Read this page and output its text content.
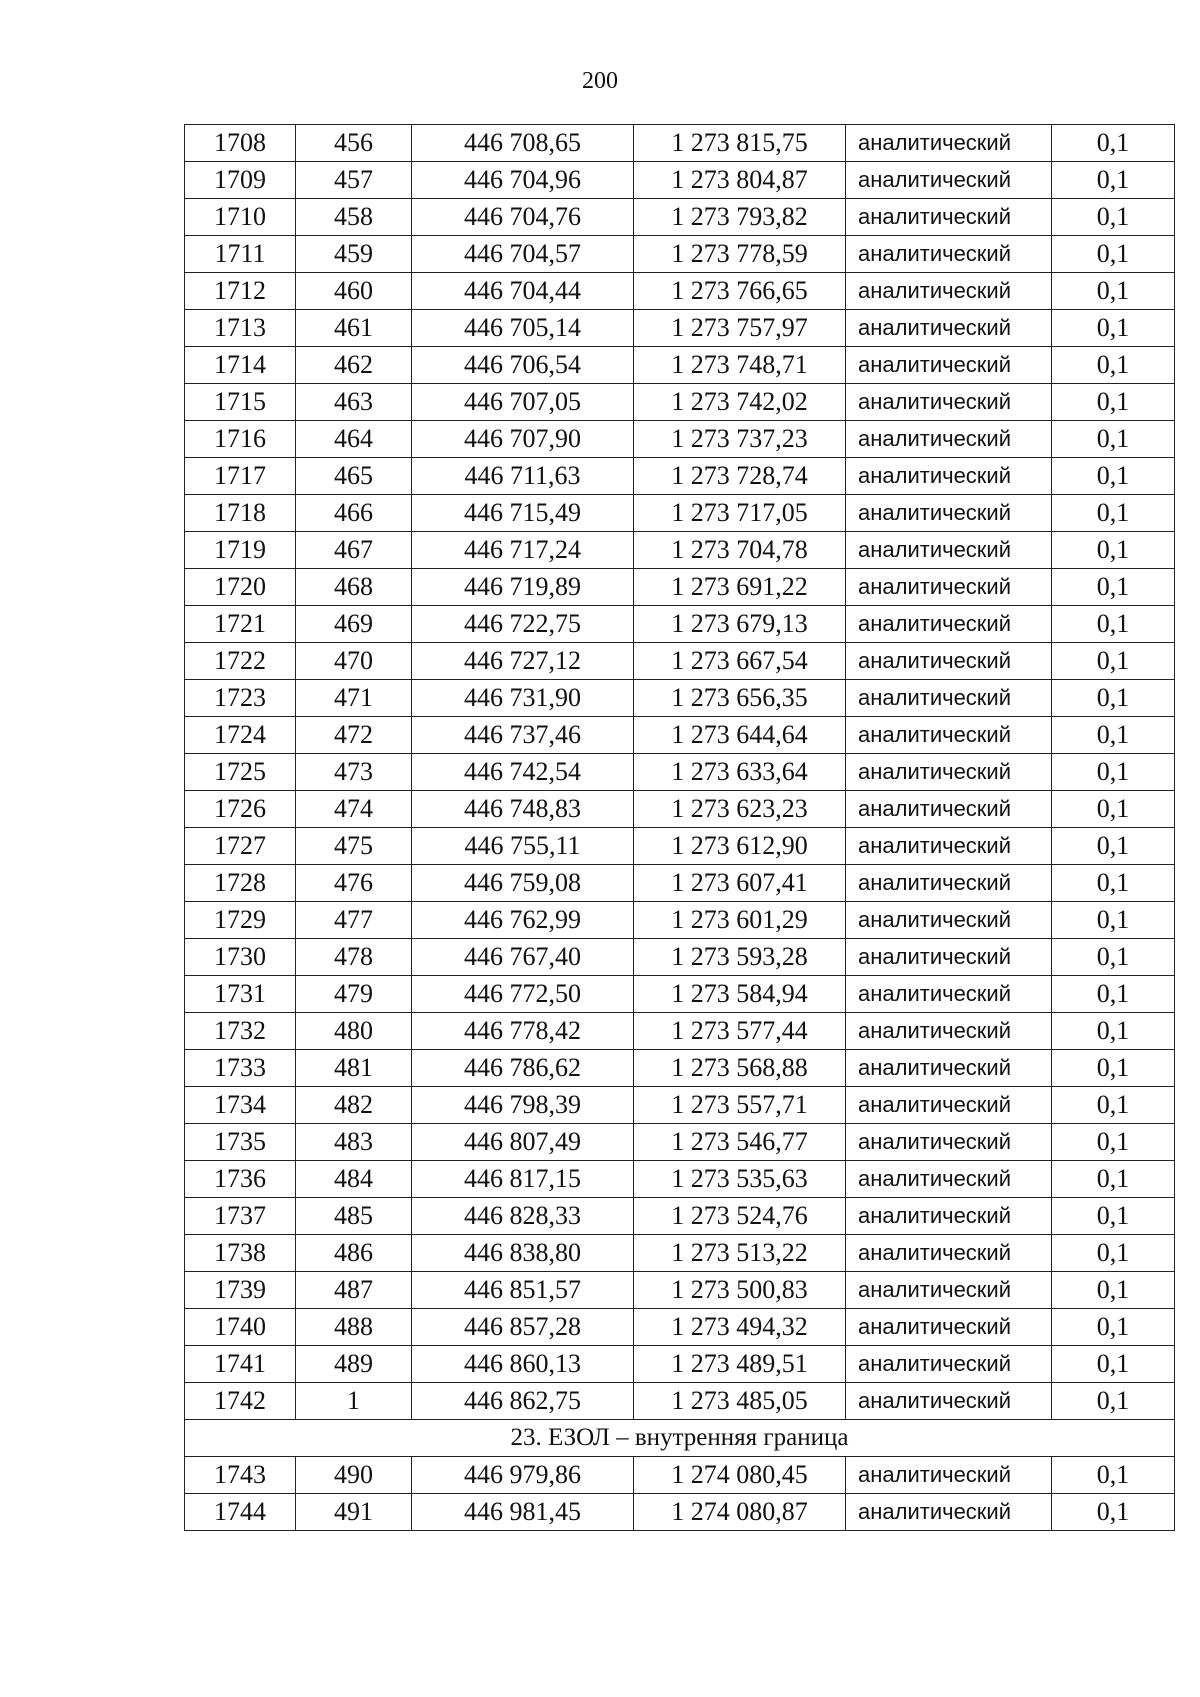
200
1708	456	446 708,65	1 273 815,75	аналитический	0,1
1709	457	446 704,96	1 273 804,87	аналитический	0,1
1710	458	446 704,76	1 273 793,82	аналитический	0,1
1711	459	446 704,57	1 273 778,59	аналитический	0,1
1712	460	446 704,44	1 273 766,65	аналитический	0,1
1713	461	446 705,14	1 273 757,97	аналитический	0,1
1714	462	446 706,54	1 273 748,71	аналитический	0,1
1715	463	446 707,05	1 273 742,02	аналитический	0,1
1716	464	446 707,90	1 273 737,23	аналитический	0,1
1717	465	446 711,63	1 273 728,74	аналитический	0,1
1718	466	446 715,49	1 273 717,05	аналитический	0,1
1719	467	446 717,24	1 273 704,78	аналитический	0,1
1720	468	446 719,89	1 273 691,22	аналитический	0,1
1721	469	446 722,75	1 273 679,13	аналитический	0,1
1722	470	446 727,12	1 273 667,54	аналитический	0,1
1723	471	446 731,90	1 273 656,35	аналитический	0,1
1724	472	446 737,46	1 273 644,64	аналитический	0,1
1725	473	446 742,54	1 273 633,64	аналитический	0,1
1726	474	446 748,83	1 273 623,23	аналитический	0,1
1727	475	446 755,11	1 273 612,90	аналитический	0,1
1728	476	446 759,08	1 273 607,41	аналитический	0,1
1729	477	446 762,99	1 273 601,29	аналитический	0,1
1730	478	446 767,40	1 273 593,28	аналитический	0,1
1731	479	446 772,50	1 273 584,94	аналитический	0,1
1732	480	446 778,42	1 273 577,44	аналитический	0,1
1733	481	446 786,62	1 273 568,88	аналитический	0,1
1734	482	446 798,39	1 273 557,71	аналитический	0,1
1735	483	446 807,49	1 273 546,77	аналитический	0,1
1736	484	446 817,15	1 273 535,63	аналитический	0,1
1737	485	446 828,33	1 273 524,76	аналитический	0,1
1738	486	446 838,80	1 273 513,22	аналитический	0,1
1739	487	446 851,57	1 273 500,83	аналитический	0,1
1740	488	446 857,28	1 273 494,32	аналитический	0,1
1741	489	446 860,13	1 273 489,51	аналитический	0,1
1742	1	446 862,75	1 273 485,05	аналитический	0,1
23. ЕЗОЛ – внутренняя граница					
1743	490	446 979,86	1 274 080,45	аналитический	0,1
1744	491	446 981,45	1 274 080,87	аналитический	0,1
